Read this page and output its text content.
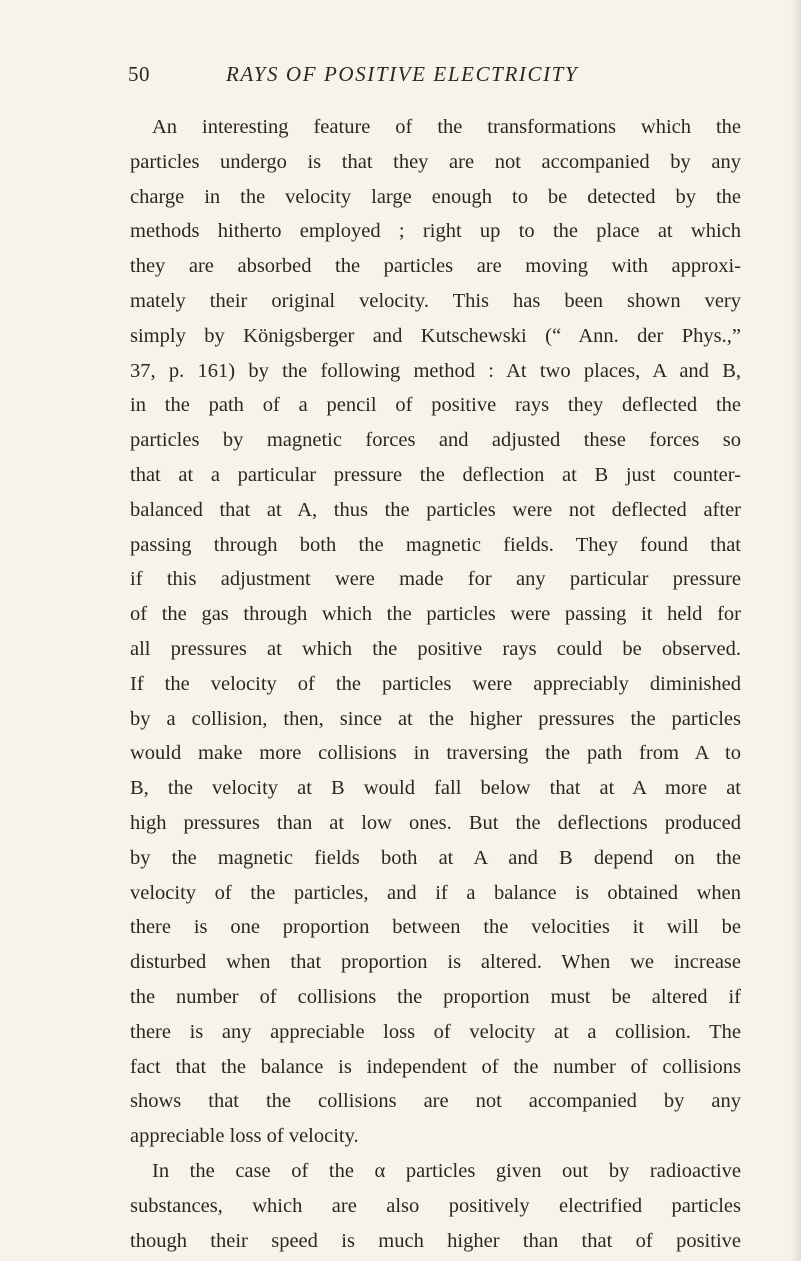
50	RAYS OF POSITIVE ELECTRICITY
An interesting feature of the transformations which the
particles undergo is that they are not accompanied by any
charge in the velocity large enough to be detected by the
methods hitherto employed ; right up to the place at which
they are absorbed the particles are moving with approxi-
mately their original velocity. This has been shown very
simply by Königsberger and Kutschewski (“ Ann. der Phys.,”
37, p. 161) by the following method : At two places, A and B,
in the path of a pencil of positive rays they deflected the
particles by magnetic forces and adjusted these forces so
that at a particular pressure the deflection at B just counter-
balanced that at A, thus the particles were not deflected after
passing through both the magnetic fields. They found that
if this adjustment were made for any particular pressure
of the gas through which the particles were passing it held for
all pressures at which the positive rays could be observed.
If the velocity of the particles were appreciably diminished
by a collision, then, since at the higher pressures the particles
would make more collisions in traversing the path from A to
B, the velocity at B would fall below that at A more at
high pressures than at low ones. But the deflections produced
by the magnetic fields both at A and B depend on the
velocity of the particles, and if a balance is obtained when
there is one proportion between the velocities it will be
disturbed when that proportion is altered. When we increase
the number of collisions the proportion must be altered if
there is any appreciable loss of velocity at a collision. The
fact that the balance is independent of the number of collisions
shows that the collisions are not accompanied by any
appreciable loss of velocity.
In the case of the α particles given out by radioactive
substances, which are also positively electrified particles
though their speed is much higher than that of positive
